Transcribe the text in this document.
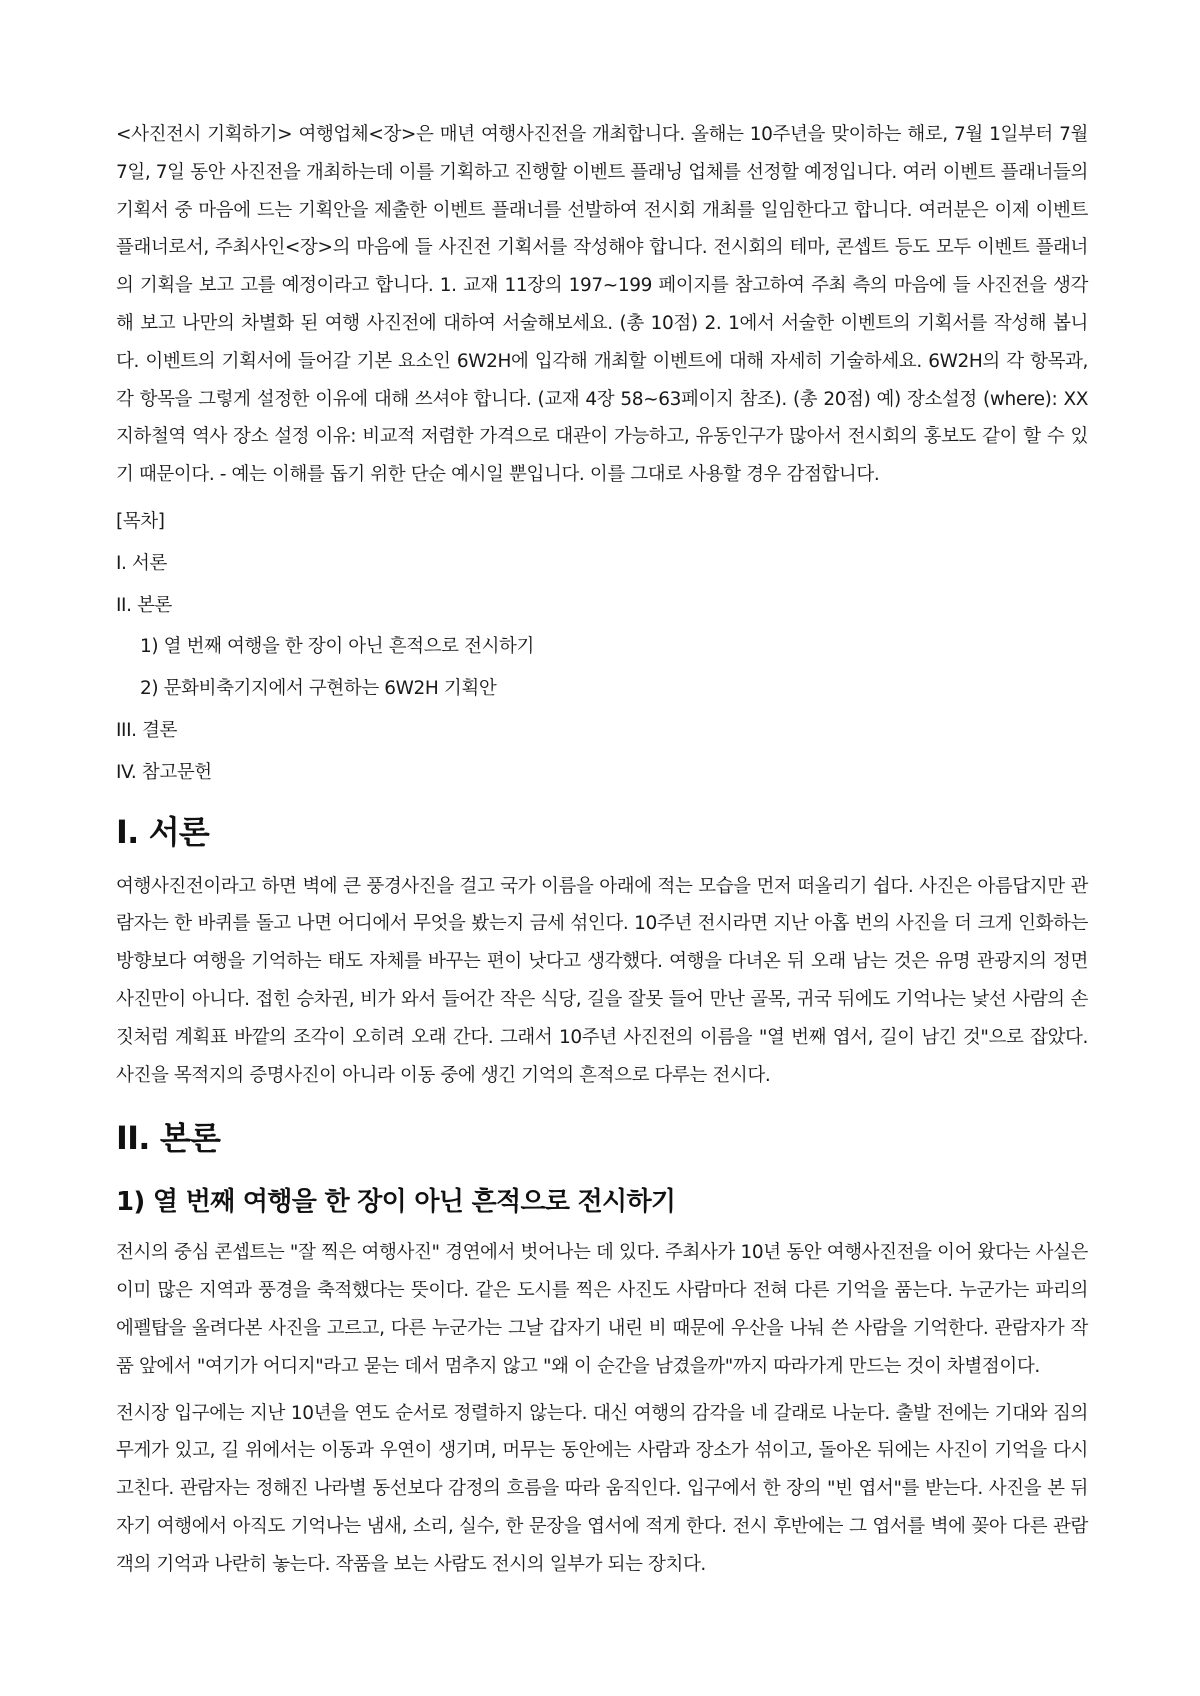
<사진전시 기획하기> 여행업체<장>은 매년 여행사진전을 개최합니다. 올해는 10주년을 맞이하는 해로, 7월 1일부터 7월 7일, 7일 동안 사진전을 개최하는데 이를 기획하고 진행할 이벤트 플래닝 업체를 선정할 예정입니다. 여러 이벤트 플래너들의 기획서 중 마음에 드는 기획안을 제출한 이벤트 플래너를 선발하여 전시회 개최를 일임한다고 합니다. 여러분은 이제 이벤트 플래너로서, 주최사인<장>의 마음에 들 사진전 기획서를 작성해야 합니다. 전시회의 테마, 콘셉트 등도 모두 이벤트 플래너의 기획을 보고 고를 예정이라고 합니다. 1. 교재 11장의 197~199 페이지를 참고하여 주최 측의 마음에 들 사진전을 생각해 보고 나만의 차별화 된 여행 사진전에 대하여 서술해보세요. (총 10점) 2. 1에서 서술한 이벤트의 기획서를 작성해 봅니다. 이벤트의 기획서에 들어갈 기본 요소인 6W2H에 입각해 개최할 이벤트에 대해 자세히 기술하세요. 6W2H의 각 항목과, 각 항목을 그렇게 설정한 이유에 대해 쓰셔야 합니다. (교재 4장 58~63페이지 참조). (총 20점) 예) 장소설정 (where): XX 지하철역 역사 장소 설정 이유: 비교적 저렴한 가격으로 대관이 가능하고, 유동인구가 많아서 전시회의 홍보도 같이 할 수 있기 때문이다. - 예는 이해를 돕기 위한 단순 예시일 뿐입니다. 이를 그대로 사용할 경우 감점합니다.

[목차]
I. 서론
II. 본론
1) 열 번째 여행을 한 장이 아닌 흔적으로 전시하기
2) 문화비축기지에서 구현하는 6W2H 기획안
III. 결론
IV. 참고문헌
I. 서론

여행사진전이라고 하면 벽에 큰 풍경사진을 걸고 국가 이름을 아래에 적는 모습을 먼저 떠올리기 쉽다. 사진은 아름답지만 관람자는 한 바퀴를 돌고 나면 어디에서 무엇을 봤는지 금세 섞인다. 10주년 전시라면 지난 아홉 번의 사진을 더 크게 인화하는 방향보다 여행을 기억하는 태도 자체를 바꾸는 편이 낫다고 생각했다. 여행을 다녀온 뒤 오래 남는 것은 유명 관광지의 정면 사진만이 아니다. 접힌 승차권, 비가 와서 들어간 작은 식당, 길을 잘못 들어 만난 골목, 귀국 뒤에도 기억나는 낯선 사람의 손짓처럼 계획표 바깥의 조각이 오히려 오래 간다. 그래서 10주년 사진전의 이름을 "열 번째 엽서, 길이 남긴 것"으로 잡았다. 사진을 목적지의 증명사진이 아니라 이동 중에 생긴 기억의 흔적으로 다루는 전시다.

II. 본론
1) 열 번째 여행을 한 장이 아닌 흔적으로 전시하기

전시의 중심 콘셉트는 "잘 찍은 여행사진" 경연에서 벗어나는 데 있다. 주최사가 10년 동안 여행사진전을 이어 왔다는 사실은 이미 많은 지역과 풍경을 축적했다는 뜻이다. 같은 도시를 찍은 사진도 사람마다 전혀 다른 기억을 품는다. 누군가는 파리의 에펠탑을 올려다본 사진을 고르고, 다른 누군가는 그날 갑자기 내린 비 때문에 우산을 나눠 쓴 사람을 기억한다. 관람자가 작품 앞에서 "여기가 어디지"라고 묻는 데서 멈추지 않고 "왜 이 순간을 남겼을까"까지 따라가게 만드는 것이 차별점이다.

전시장 입구에는 지난 10년을 연도 순서로 정렬하지 않는다. 대신 여행의 감각을 네 갈래로 나눈다. 출발 전에는 기대와 짐의 무게가 있고, 길 위에서는 이동과 우연이 생기며, 머무는 동안에는 사람과 장소가 섞이고, 돌아온 뒤에는 사진이 기억을 다시 고친다. 관람자는 정해진 나라별 동선보다 감정의 흐름을 따라 움직인다. 입구에서 한 장의 "빈 엽서"를 받는다. 사진을 본 뒤 자기 여행에서 아직도 기억나는 냄새, 소리, 실수, 한 문장을 엽서에 적게 한다. 전시 후반에는 그 엽서를 벽에 꽂아 다른 관람객의 기억과 나란히 놓는다. 작품을 보는 사람도 전시의 일부가 되는 장치다.
